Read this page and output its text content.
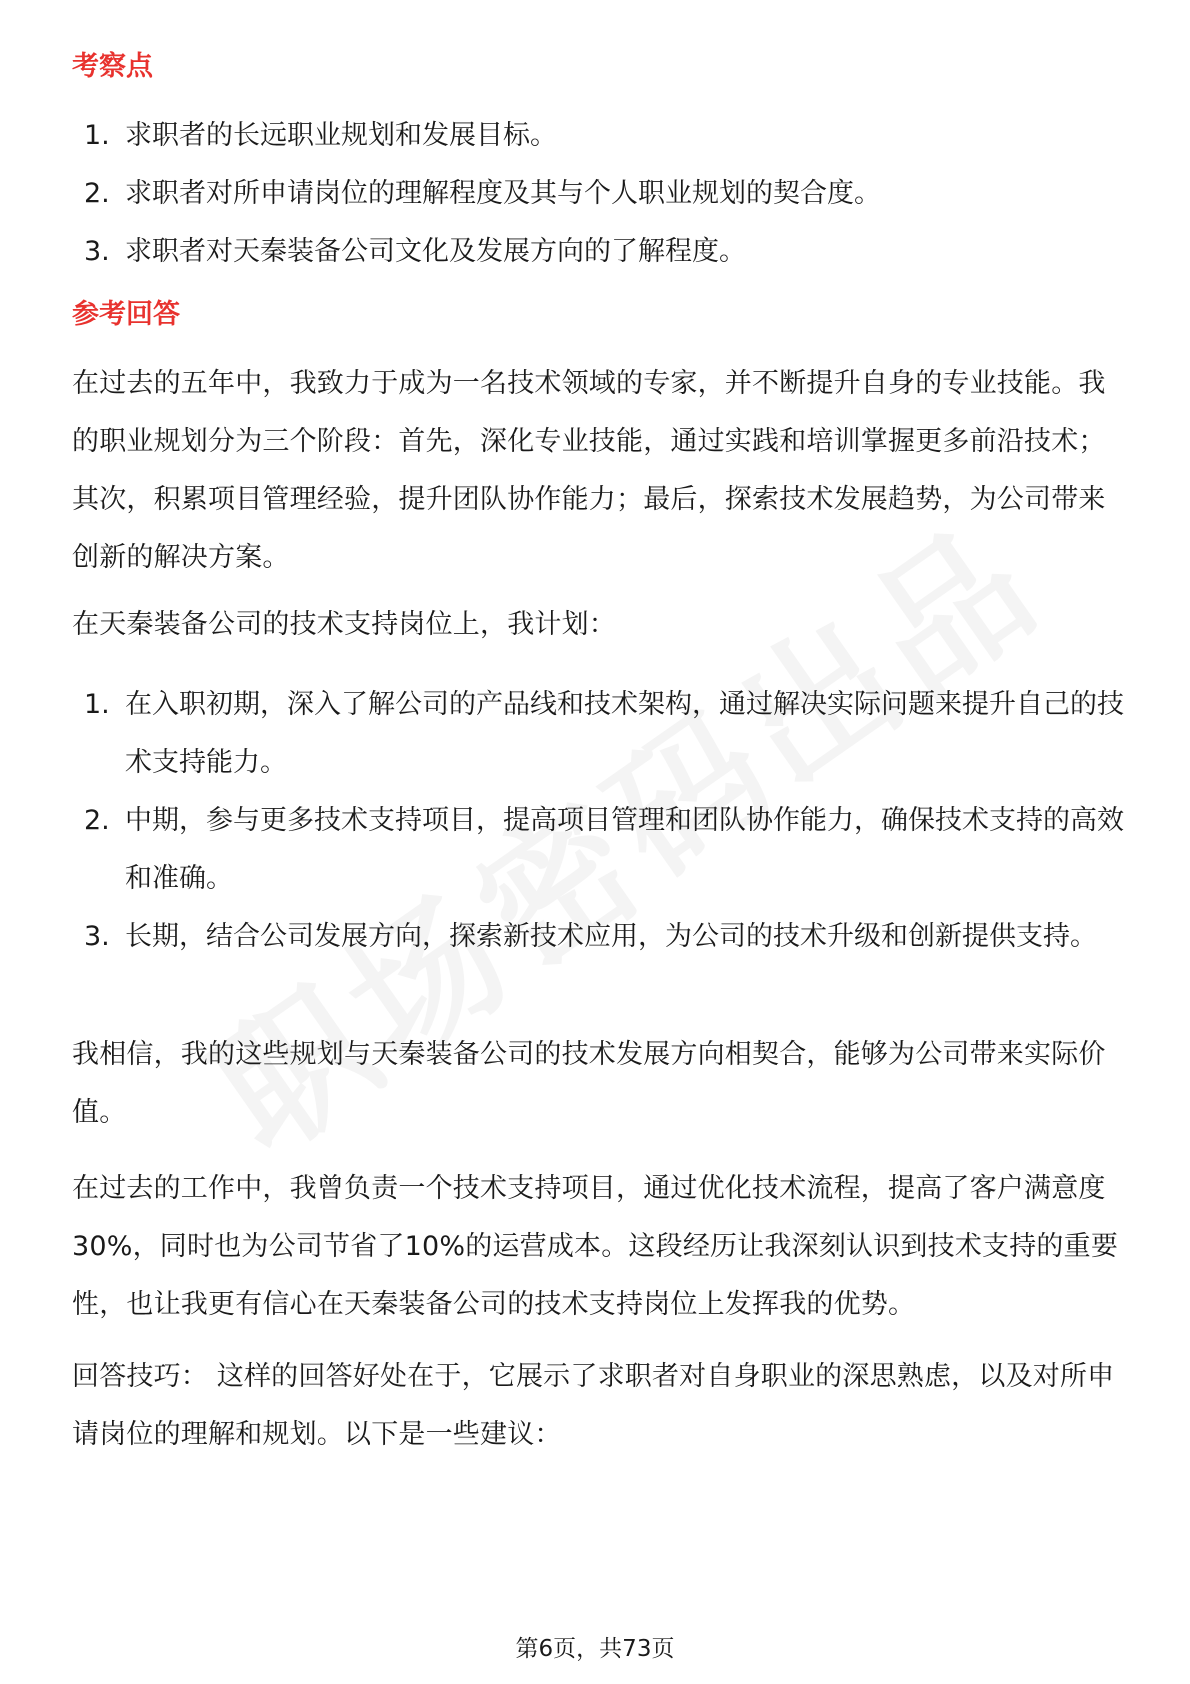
考察点
1. 求职者的长远职业规划和发展目标。
2. 求职者对所申请岗位的理解程度及其与个人职业规划的契合度。
3. 求职者对天秦装备公司文化及发展方向的了解程度。
参考回答
在过去的五年中，我致力于成为一名技术领域的专家，并不断提升自身的专业技能。我的职业规划分为三个阶段：首先，深化专业技能，通过实践和培训掌握更多前沿技术；其次，积累项目管理经验，提升团队协作能力；最后，探索技术发展趋势，为公司带来创新的解决方案。
在天秦装备公司的技术支持岗位上，我计划：
1. 在入职初期，深入了解公司的产品线和技术架构，通过解决实际问题来提升自己的技术支持能力。
2. 中期，参与更多技术支持项目，提高项目管理和团队协作能力，确保技术支持的高效和准确。
3. 长期，结合公司发展方向，探索新技术应用，为公司的技术升级和创新提供支持。
我相信，我的这些规划与天秦装备公司的技术发展方向相契合，能够为公司带来实际价值。
在过去的工作中，我曾负责一个技术支持项目，通过优化技术流程，提高了客户满意度30%，同时也为公司节省了10%的运营成本。这段经历让我深刻认识到技术支持的重要性，也让我更有信心在天秦装备公司的技术支持岗位上发挥我的优势。
回答技巧： 这样的回答好处在于，它展示了求职者对自身职业的深思熟虑，以及对所申请岗位的理解和规划。以下是一些建议：
第6页，共73页
